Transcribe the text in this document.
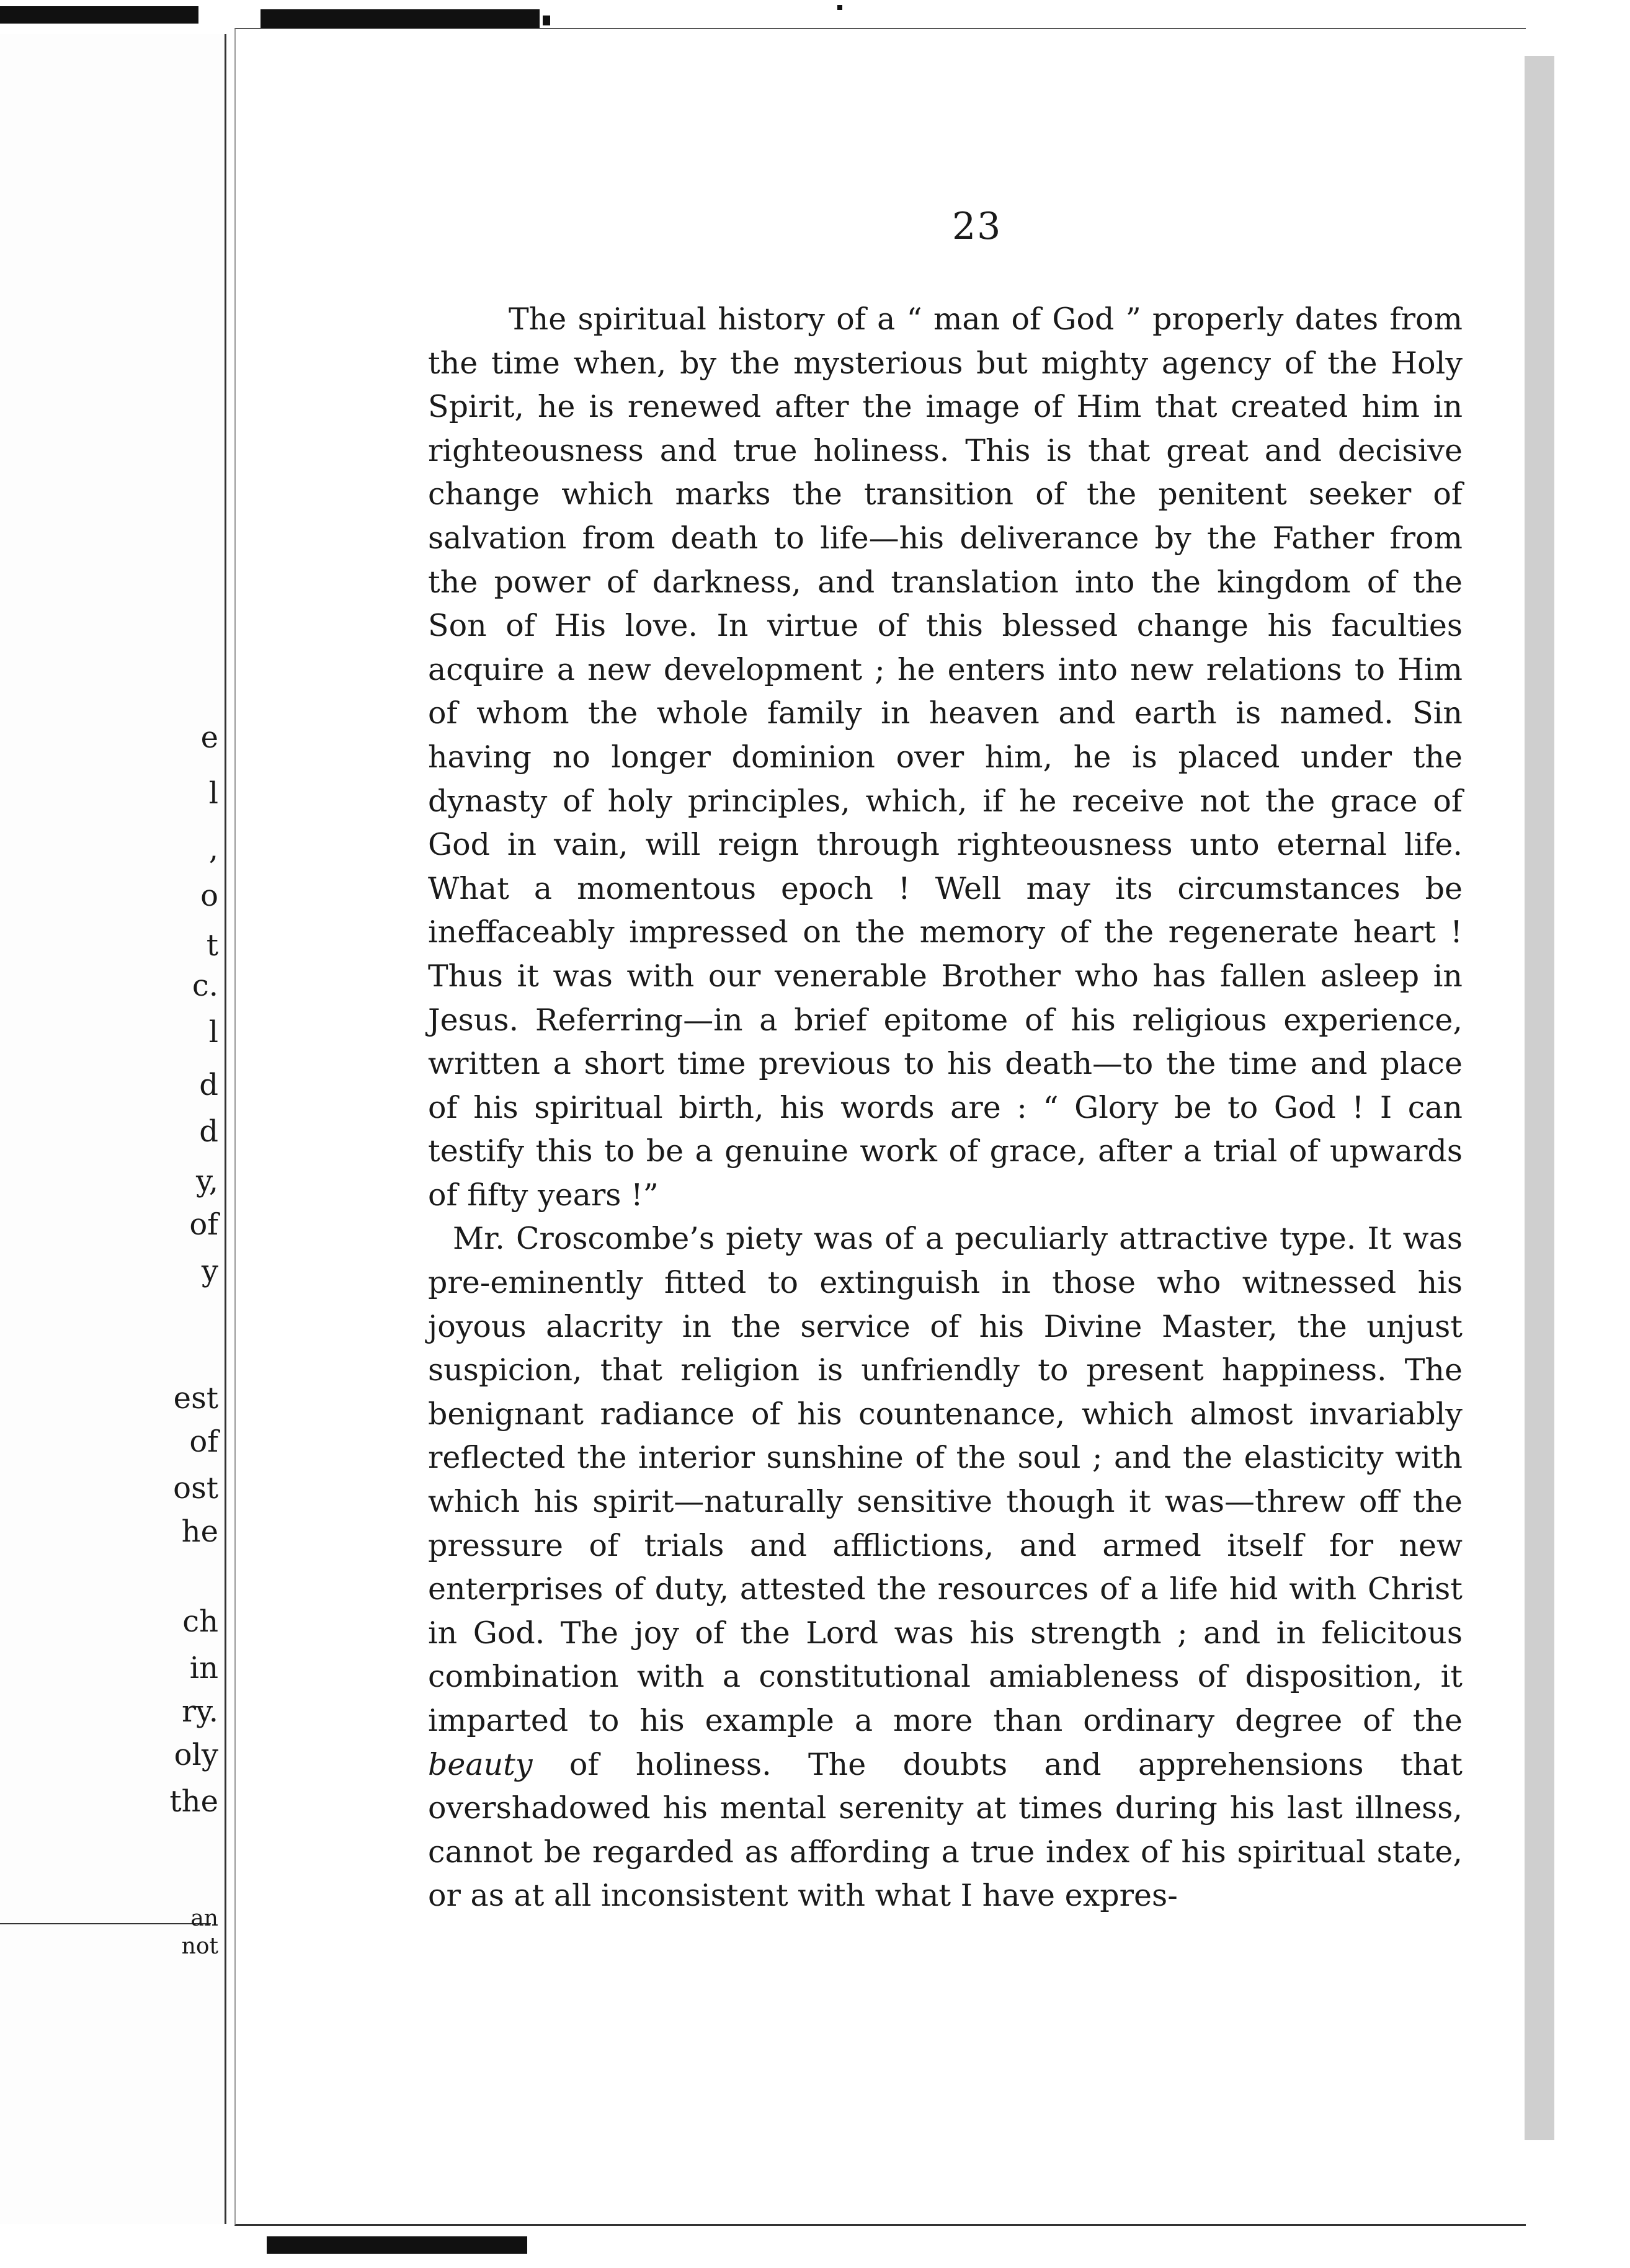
e
l
,
o
t
c.
l
d
d
y,
of
y
est
of
ost
he
ch
in
ry.
oly
the
an
not
23

The spiritual history of a “ man of God ” properly dates from the time when, by the mysterious but mighty agency of the Holy Spirit, he is renewed after the image of Him that created him in righteousness and true holiness. This is that great and decisive change which marks the transition of the penitent seeker of salvation from death to life—his deliverance by the Father from the power of darkness, and translation into the kingdom of the Son of His love. In virtue of this blessed change his faculties acquire a new development ; he enters into new relations to Him of whom the whole family in heaven and earth is named. Sin having no longer dominion over him, he is placed under the dynasty of holy principles, which, if he receive not the grace of God in vain, will reign through righteousness unto eternal life. What a momentous epoch ! Well may its circumstances be ineffaceably impressed on the memory of the regenerate heart ! Thus it was with our venerable Brother who has fallen asleep in Jesus. Referring—in a brief epitome of his religious experience, written a short time previous to his death—to the time and place of his spiritual birth, his words are : “ Glory be to God ! I can testify this to be a genuine work of grace, after a trial of upwards of fifty years !”

Mr. Croscombe’s piety was of a peculiarly attractive type. It was pre-eminently fitted to extinguish in those who witnessed his joyous alacrity in the service of his Divine Master, the unjust suspicion, that religion is unfriendly to present happiness. The benignant radiance of his countenance, which almost invariably reflected the interior sunshine of the soul ; and the elasticity with which his spirit—naturally sensitive though it was—threw off the pressure of trials and afflictions, and armed itself for new enterprises of duty, attested the resources of a life hid with Christ in God. The joy of the Lord was his strength ; and in felicitous combination with a constitutional amiableness of disposition, it imparted to his example a more than ordinary degree of the beauty of holiness. The doubts and apprehensions that overshadowed his mental serenity at times during his last illness, cannot be regarded as affording a true index of his spiritual state, or as at all inconsistent with what I have expres-
